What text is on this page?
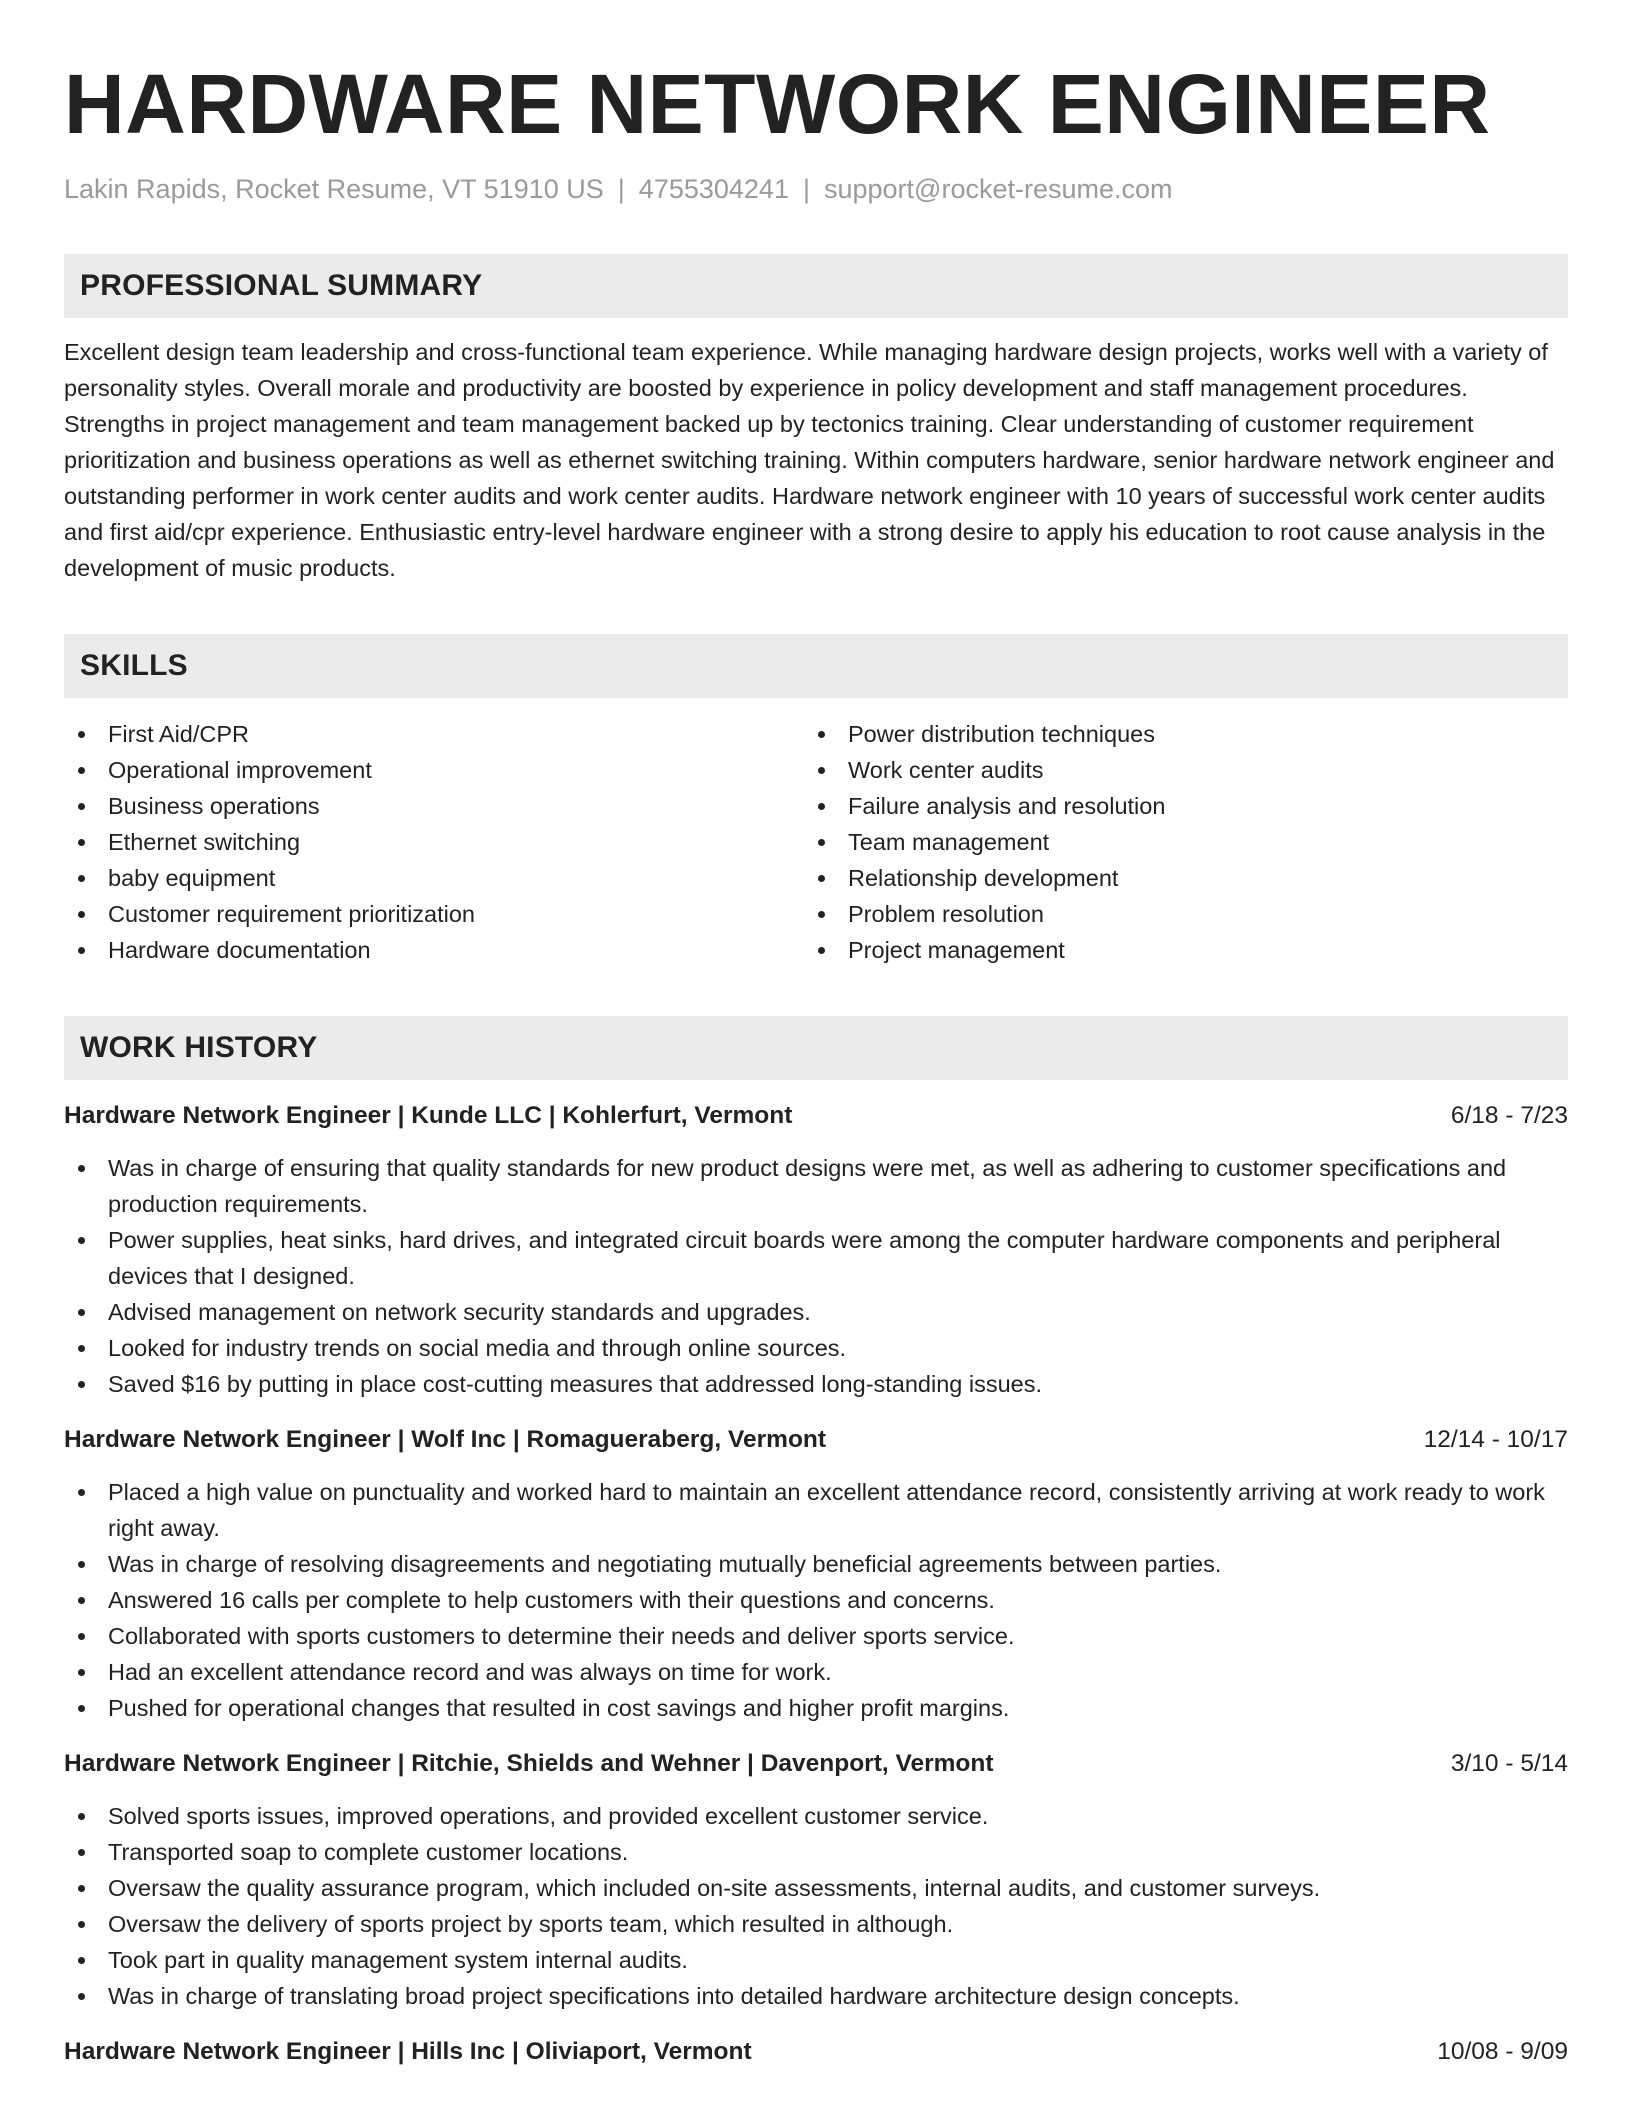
HARDWARE NETWORK ENGINEER
Lakin Rapids, Rocket Resume, VT 51910 US | 4755304241 | support@rocket-resume.com
PROFESSIONAL SUMMARY

Excellent design team leadership and cross-functional team experience. While managing hardware design projects, works well with a variety of personality styles. Overall morale and productivity are boosted by experience in policy development and staff management procedures. Strengths in project management and team management backed up by tectonics training. Clear understanding of customer requirement prioritization and business operations as well as ethernet switching training. Within computers hardware, senior hardware network engineer and outstanding performer in work center audits and work center audits. Hardware network engineer with 10 years of successful work center audits and first aid/cpr experience. Enthusiastic entry-level hardware engineer with a strong desire to apply his education to root cause analysis in the development of music products.

SKILLS
First Aid/CPR
Operational improvement
Business operations
Ethernet switching
baby equipment
Customer requirement prioritization
Hardware documentation
Power distribution techniques
Work center audits
Failure analysis and resolution
Team management
Relationship development
Problem resolution
Project management
WORK HISTORY
Hardware Network Engineer | Kunde LLC | Kohlerfurt, Vermont	6/18 - 7/23
Was in charge of ensuring that quality standards for new product designs were met, as well as adhering to customer specifications and production requirements.
Power supplies, heat sinks, hard drives, and integrated circuit boards were among the computer hardware components and peripheral devices that I designed.
Advised management on network security standards and upgrades.
Looked for industry trends on social media and through online sources.
Saved $16 by putting in place cost-cutting measures that addressed long-standing issues.
Hardware Network Engineer | Wolf Inc | Romagueraberg, Vermont	12/14 - 10/17
Placed a high value on punctuality and worked hard to maintain an excellent attendance record, consistently arriving at work ready to work right away.
Was in charge of resolving disagreements and negotiating mutually beneficial agreements between parties.
Answered 16 calls per complete to help customers with their questions and concerns.
Collaborated with sports customers to determine their needs and deliver sports service.
Had an excellent attendance record and was always on time for work.
Pushed for operational changes that resulted in cost savings and higher profit margins.
Hardware Network Engineer | Ritchie, Shields and Wehner | Davenport, Vermont	3/10 - 5/14
Solved sports issues, improved operations, and provided excellent customer service.
Transported soap to complete customer locations.
Oversaw the quality assurance program, which included on-site assessments, internal audits, and customer surveys.
Oversaw the delivery of sports project by sports team, which resulted in although.
Took part in quality management system internal audits.
Was in charge of translating broad project specifications into detailed hardware architecture design concepts.
Hardware Network Engineer | Hills Inc | Oliviaport, Vermont	10/08 - 9/09
